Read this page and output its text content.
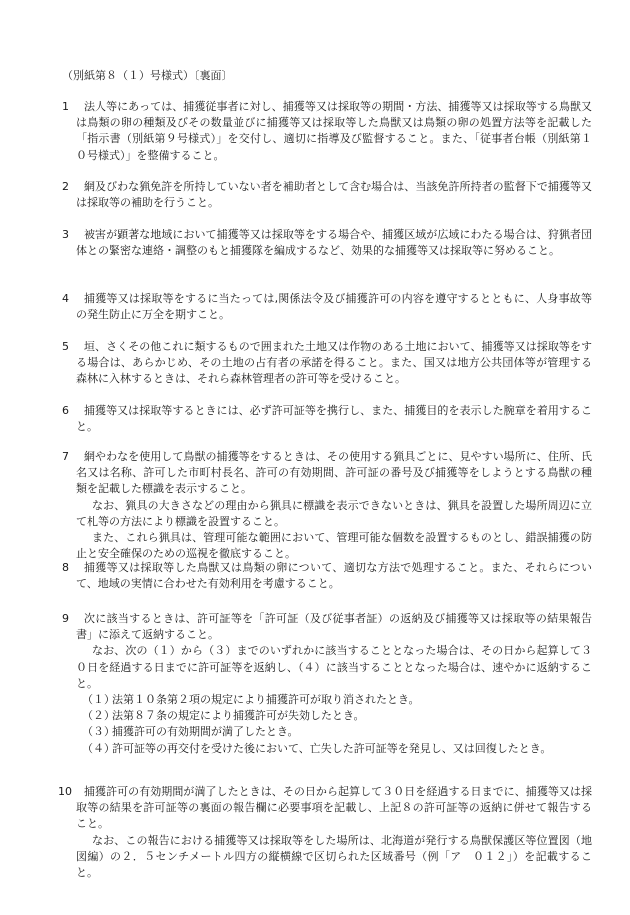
（別紙第８（１）号様式）〔裏面〕
1	法人等にあっては、捕獲従事者に対し、捕獲等又は採取等の期間・方法、捕獲等又は採取等する鳥獣又は鳥類の卵の種類及びその数量並びに捕獲等又は採取等した鳥獣又は鳥類の卵の処置方法等を記載した「指示書（別紙第９号様式）」を交付し、適切に指導及び監督すること。また、「従事者台帳（別紙第１０号様式）」を整備すること。
2	網及びわな猟免許を所持していない者を補助者として含む場合は、当該免許所持者の監督下で捕獲等又は採取等の補助を行うこと。
3	被害が顕著な地域において捕獲等又は採取等をする場合や、捕獲区域が広域にわたる場合は、狩猟者団体との緊密な連絡・調整のもと捕獲隊を編成するなど、効果的な捕獲等又は採取等に努めること。
4	捕獲等又は採取等をするに当たっては,関係法令及び捕獲許可の内容を遵守するとともに、人身事故等の発生防止に万全を期すこと。
5	垣、さくその他これに類するもので囲まれた土地又は作物のある土地において、捕獲等又は採取等をする場合は、あらかじめ、その土地の占有者の承諾を得ること。また、国又は地方公共団体等が管理する森林に入林するときは、それら森林管理者の許可等を受けること。
6	捕獲等又は採取等するときには、必ず許可証等を携行し、また、捕獲目的を表示した腕章を着用すること。
7	網やわなを使用して鳥獣の捕獲等をするときは、その使用する猟具ごとに、見やすい場所に、住所、氏名又は名称、許可した市町村長名、許可の有効期間、許可証の番号及び捕獲等をしようとする鳥獣の種類を記載した標識を表示すること。
なお、猟具の大きさなどの理由から猟具に標識を表示できないときは、猟具を設置した場所周辺に立て札等の方法により標識を設置すること。
また、これら猟具は、管理可能な範囲において、管理可能な個数を設置するものとし、錯誤捕獲の防止と安全確保のための巡視を徹底すること。
8	捕獲等又は採取等した鳥獣又は鳥類の卵について、適切な方法で処理すること。また、それらについて、地域の実情に合わせた有効利用を考慮すること。
9	次に該当するときは、許可証等を「許可証（及び従事者証）の返納及び捕獲等又は採取等の結果報告書」に添えて返納すること。
なお、次の（１）から（３）までのいずれかに該当することとなった場合は、その日から起算して３０日を経過する日までに許可証等を返納し、（４）に該当することとなった場合は、速やかに返納すること。
（１）
法第１０条第２項の規定により捕獲許可が取り消されたとき。
（２）
法第８７条の規定により捕獲許可が失効したとき。
（３）
捕獲許可の有効期間が満了したとき。
（４）
許可証等の再交付を受けた後において、亡失した許可証等を発見し、又は回復したとき。
10	捕獲許可の有効期間が満了したときは、その日から起算して３０日を経過する日までに、捕獲等又は採取等の結果を許可証等の裏面の報告欄に必要事項を記載し、上記８の許可証等の返納に併せて報告すること。
なお、この報告における捕獲等又は採取等をした場所は、北海道が発行する鳥獣保護区等位置図（地図編）の２．５センチメートル四方の縦横線で区切られた区域番号（例「ア　０１２」）を記載すること。
